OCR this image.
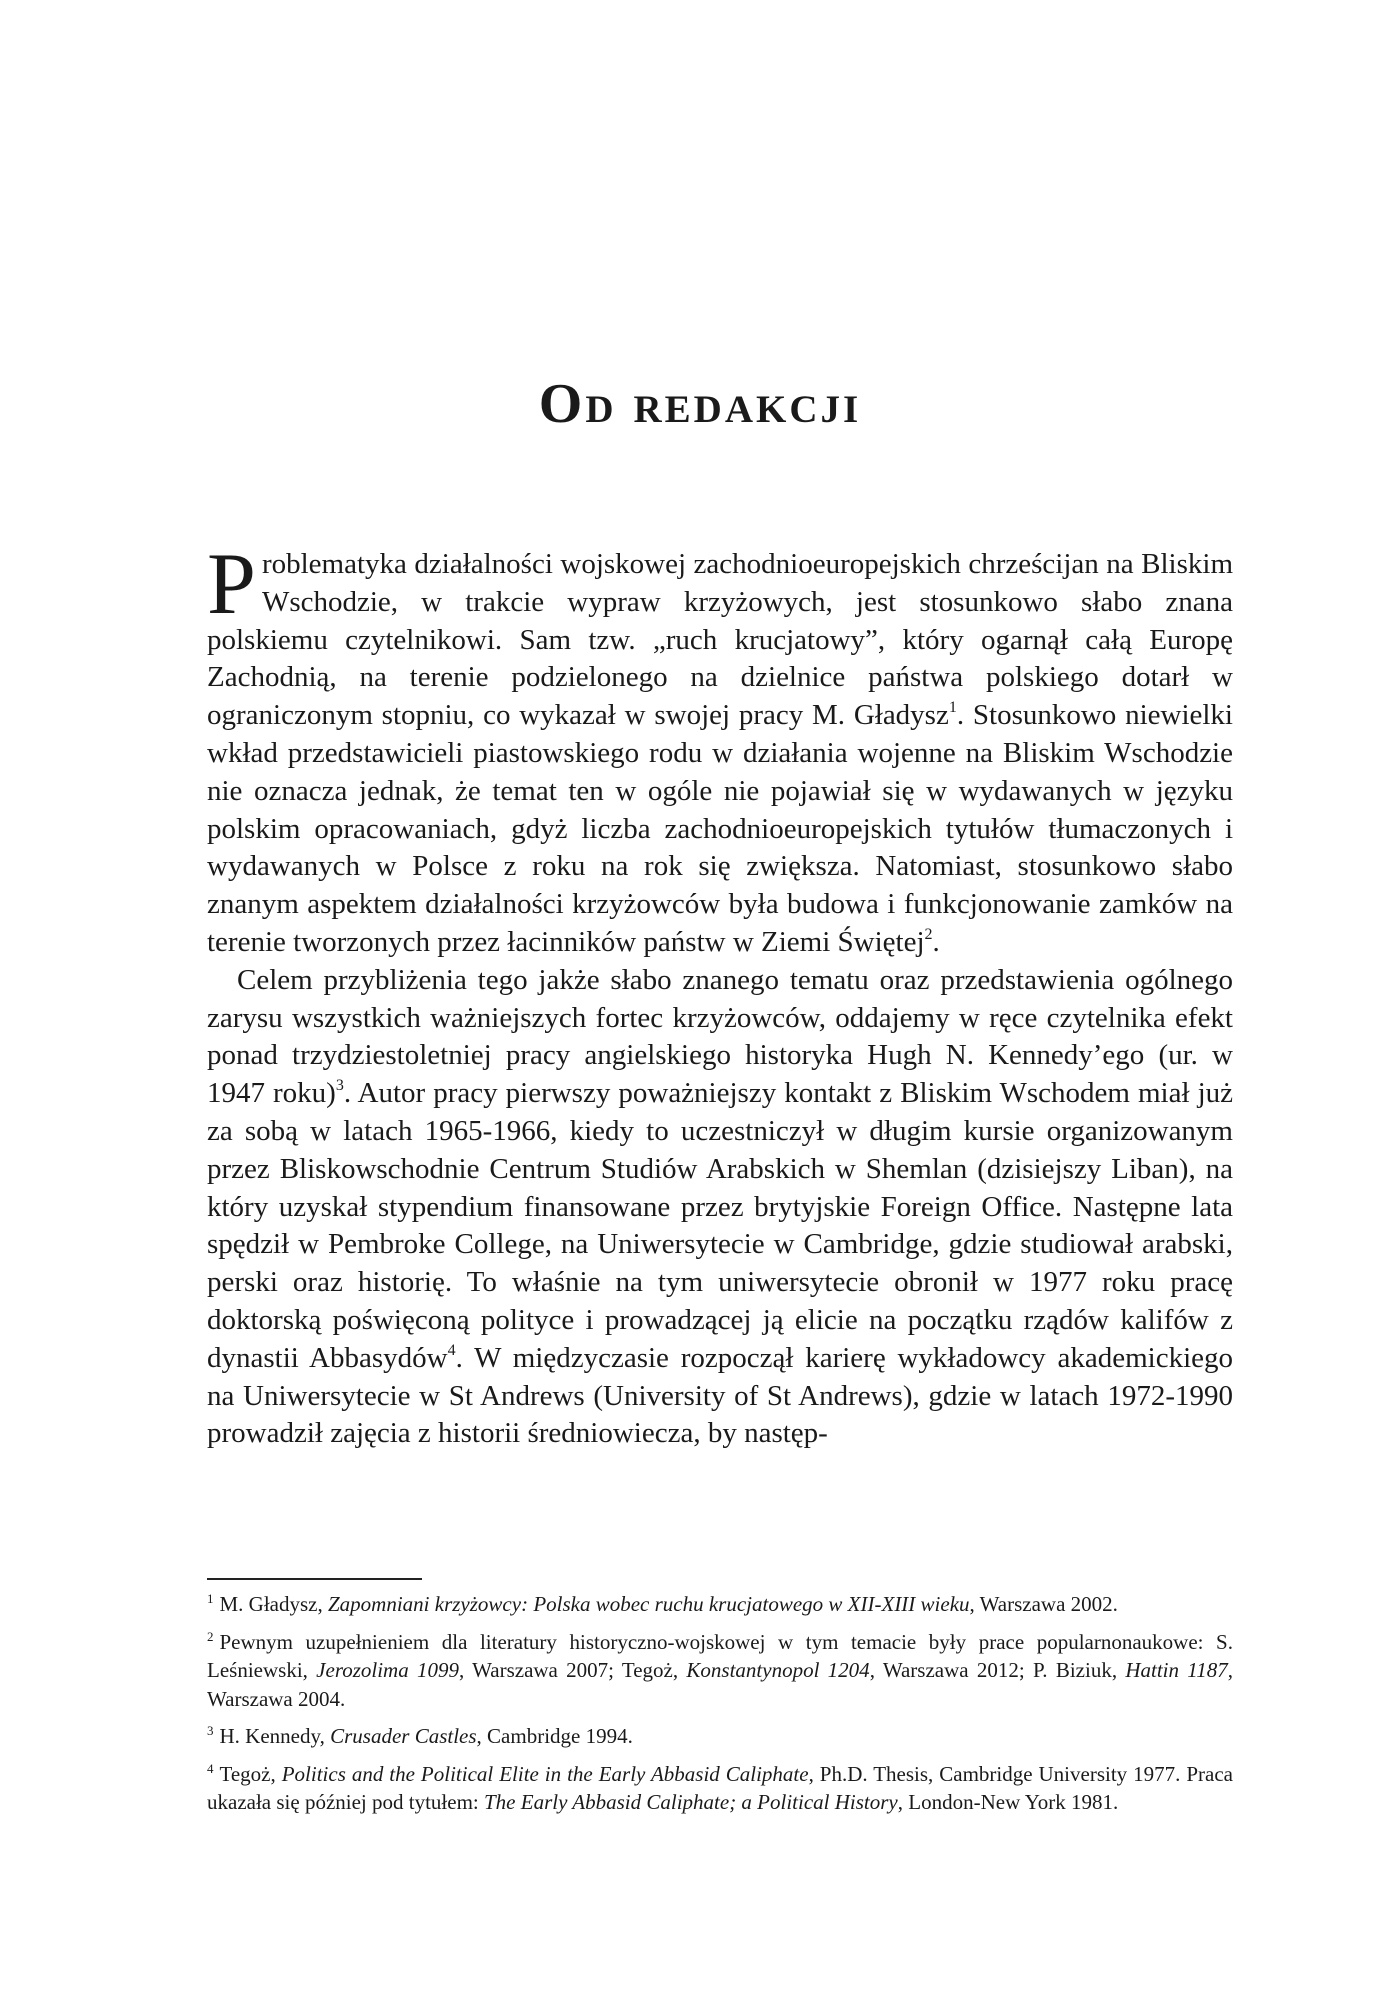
Od redakcji

Problematyka działalności wojskowej zachodnioeuropejskich chrześcijan na Bliskim Wschodzie, w trakcie wypraw krzyżowych, jest stosunkowo słabo znana polskiemu czytelnikowi. Sam tzw. „ruch krucjatowy”, który ogarnął całą Europę Zachodnią, na terenie podzielonego na dzielnice państwa polskiego dotarł w ograniczonym stopniu, co wykazał w swojej pracy M. Gładysz$^1$. Stosunkowo niewielki wkład przedstawicieli piastowskiego rodu w działania wojenne na Bliskim Wschodzie nie oznacza jednak, że temat ten w ogóle nie pojawiał się w wydawanych w języku polskim opracowaniach, gdyż liczba zachodnioeuropejskich tytułów tłumaczonych i wydawanych w Polsce z roku na rok się zwiększa. Natomiast, stosunkowo słabo znanym aspektem działalności krzyżowców była budowa i funkcjonowanie zamków na terenie tworzonych przez łacinników państw w Ziemi Świętej$^2$.

Celem przybliżenia tego jakże słabo znanego tematu oraz przedstawienia ogólnego zarysu wszystkich ważniejszych fortec krzyżowców, oddajemy w ręce czytelnika efekt ponad trzydziestoletniej pracy angielskiego historyka Hugh N. Kennedy’ego (ur. w 1947 roku)$^3$. Autor pracy pierwszy poważniejszy kontakt z Bliskim Wschodem miał już za sobą w latach 1965-1966, kiedy to uczestniczył w długim kursie organizowanym przez Bliskowschodnie Centrum Studiów Arabskich w Shemlan (dzisiejszy Liban), na który uzyskał stypendium finansowane przez brytyjskie Foreign Office. Następne lata spędził w Pembroke College, na Uniwersytecie w Cambridge, gdzie studiował arabski, perski oraz historię. To właśnie na tym uniwersytecie obronił w 1977 roku pracę doktorską poświęconą polityce i prowadzącej ją elicie na początku rządów kalifów z dynastii Abbasydów$^4$. W międzyczasie rozpoczął karierę wykładowcy akademickiego na Uniwersytecie w St Andrews (University of St Andrews), gdzie w latach 1972-1990 prowadził zajęcia z historii średniowiecza, by następ-

$^1$ M. Gładysz, Zapomniani krzyżowcy: Polska wobec ruchu krucjatowego w XII-XIII wieku, Warszawa 2002.

$^2$ Pewnym uzupełnieniem dla literatury historyczno-wojskowej w tym temacie były prace popularnonaukowe: S. Leśniewski, Jerozolima 1099, Warszawa 2007; Tegoż, Konstantynopol 1204, Warszawa 2012; P. Biziuk, Hattin 1187, Warszawa 2004.

$^3$ H. Kennedy, Crusader Castles, Cambridge 1994.

$^4$ Tegoż, Politics and the Political Elite in the Early Abbasid Caliphate, Ph.D. Thesis, Cambridge University 1977. Praca ukazała się później pod tytułem: The Early Abbasid Caliphate; a Political History, London-New York 1981.
